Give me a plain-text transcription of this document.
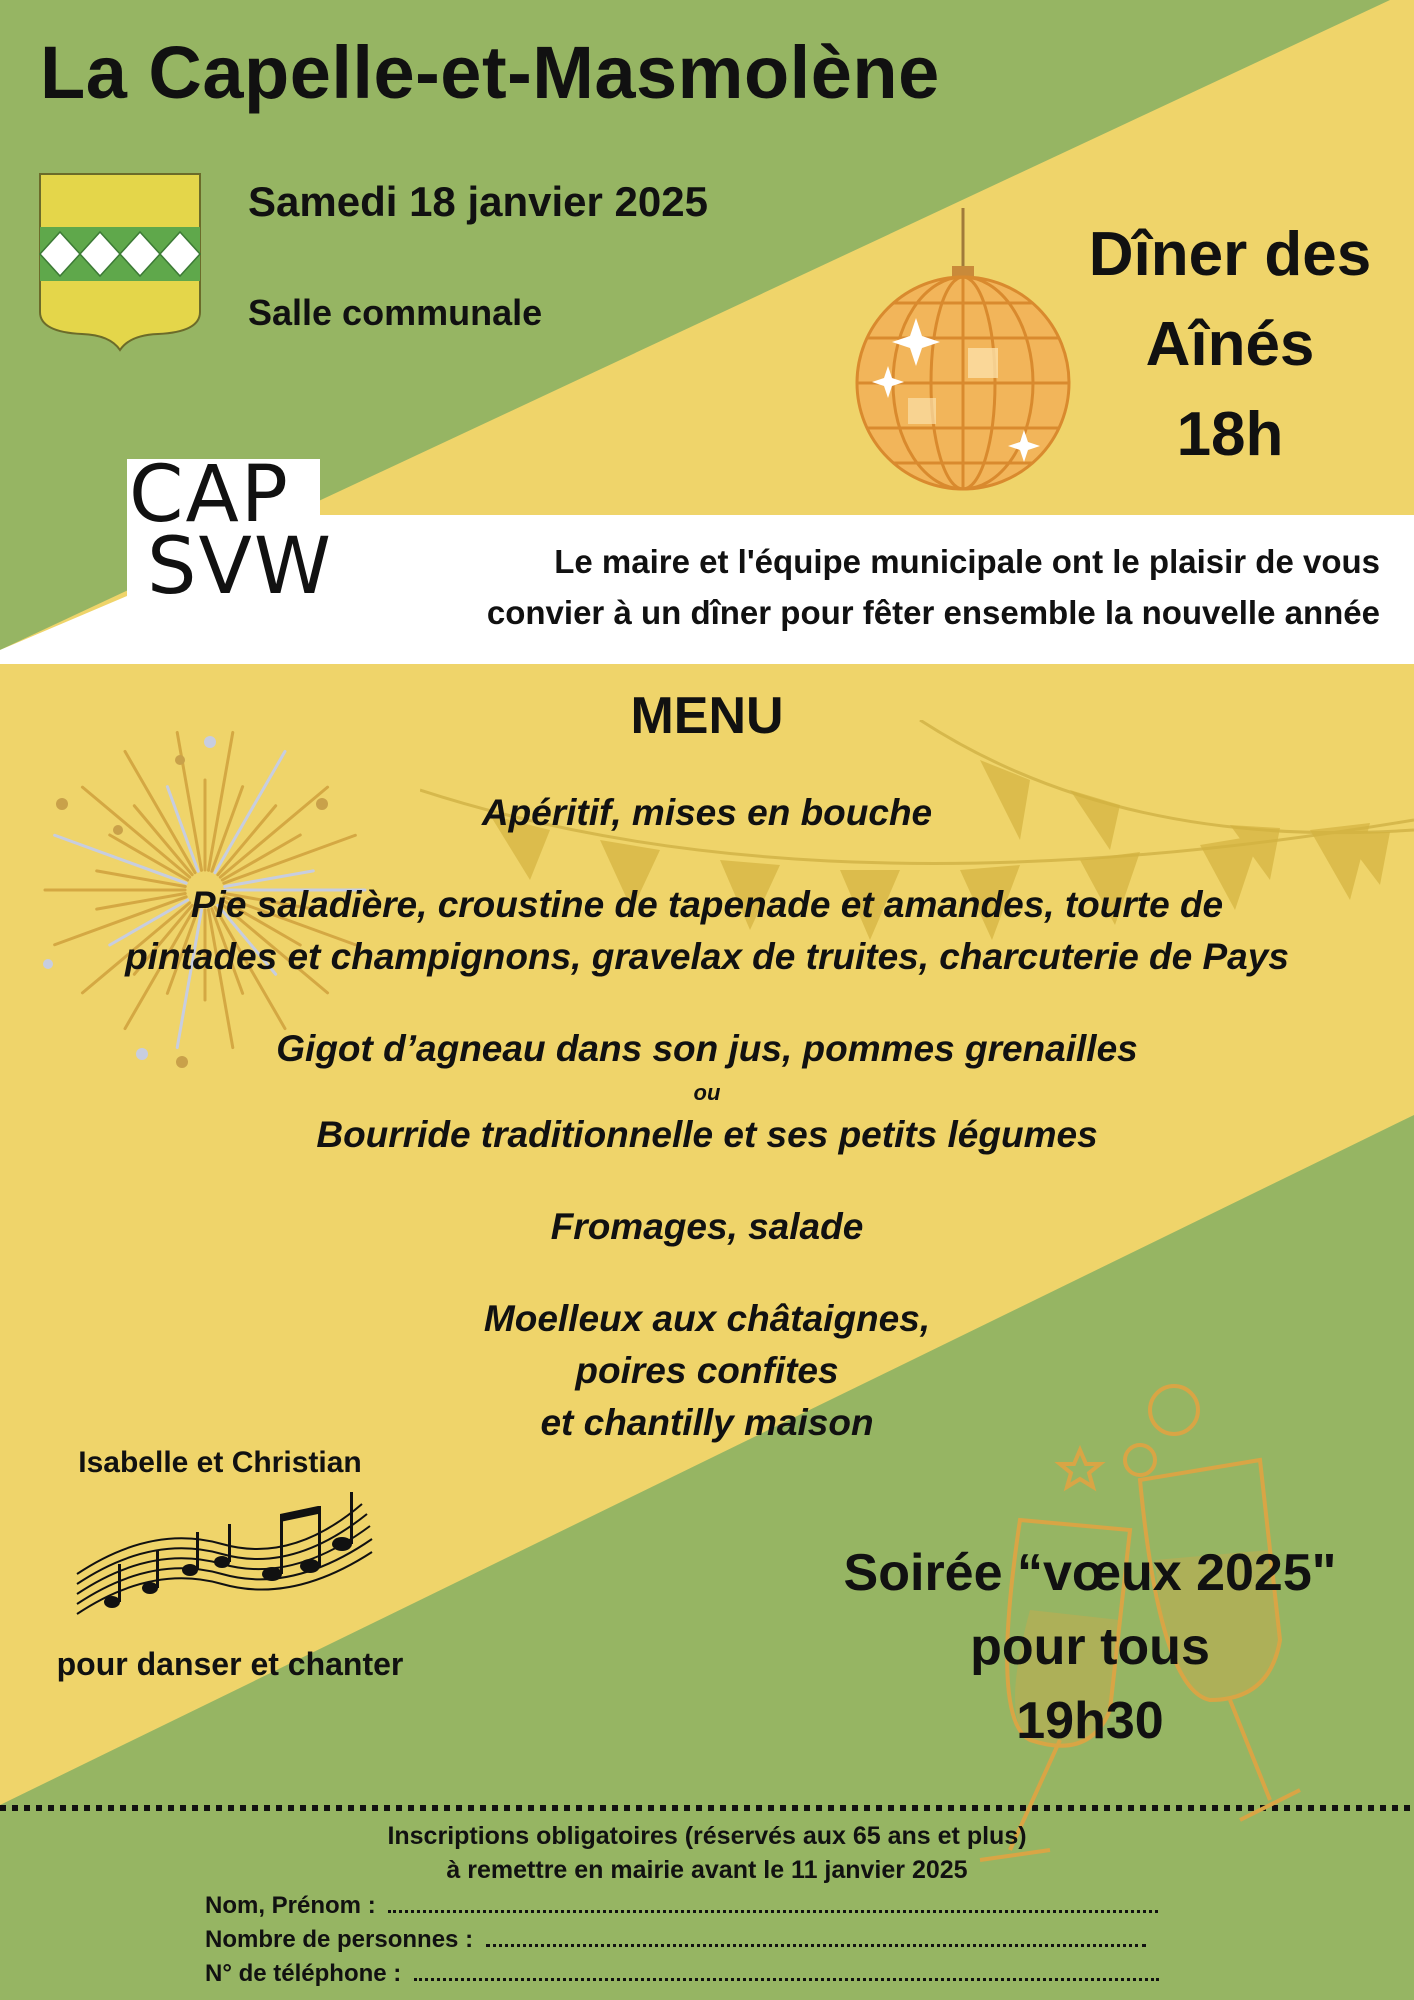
La Capelle-et-Masmolène
Samedi 18 janvier 2025
Salle communale
Dîner des
Aînés
18h
CAP
SVW	Le maire et l'équipe municipale ont le plaisir de vous
convier à un dîner pour fêter ensemble la nouvelle année
MENU
Apéritif, mises en bouche
Pie saladière, croustine de tapenade et amandes, tourte de
pintades et champignons, gravelax de truites, charcuterie de Pays
Gigot d’agneau dans son jus, pommes grenailles
ou
Bourride traditionnelle et ses petits légumes
Fromages, salade
Moelleux aux châtaignes,
poires confites
et chantilly maison
Isabelle et Christian
pour danser et chanter
Soirée “vœux 2025"
pour tous
19h30
Inscriptions obligatoires (réservés aux 65 ans et plus)
à remettre en mairie avant le 11 janvier 2025
Nom, Prénom :
Nombre de personnes :
N° de téléphone :
